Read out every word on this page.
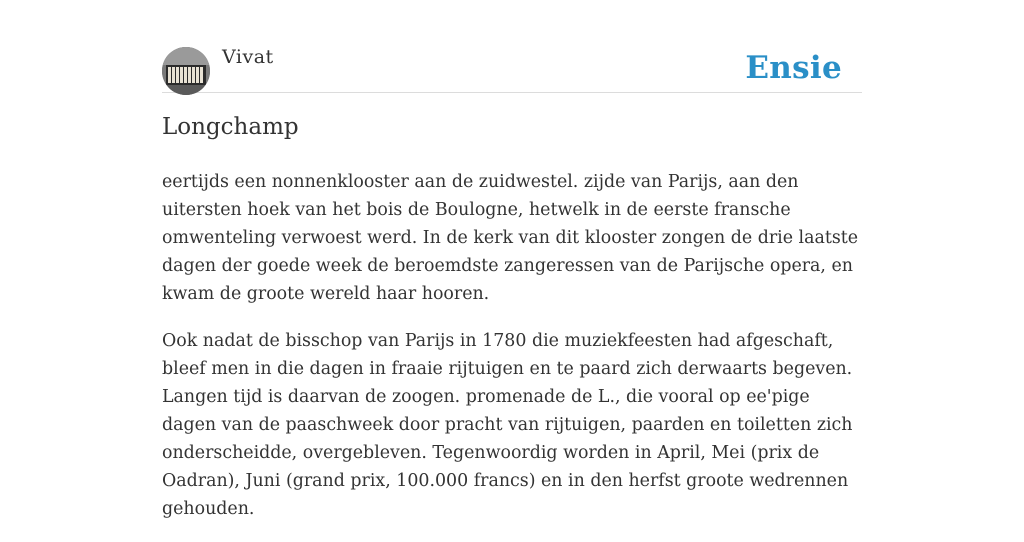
Vivat	Ensie
Longchamp

eertijds een nonnenklooster aan de zuidwestel. zijde van Parijs, aan den uitersten hoek van het bois de Boulogne, hetwelk in de eerste fransche omwenteling verwoest werd. In de kerk van dit klooster zongen de drie laatste dagen der goede week de beroemdste zangeressen van de Parijsche opera, en kwam de groote wereld haar hooren.

Ook nadat de bisschop van Parijs in 1780 die muziekfeesten had afgeschaft, bleef men in die dagen in fraaie rijtuigen en te paard zich derwaarts begeven. Langen tijd is daarvan de zoogen. promenade de L., die vooral op ee'pige dagen van de paaschweek door pracht van rijtuigen, paarden en toiletten zich onderscheidde, overgebleven. Tegenwoordig worden in April, Mei (prix de Oadran), Juni (grand prix, 100.000 francs) en in den herfst groote wedrennen gehouden.
